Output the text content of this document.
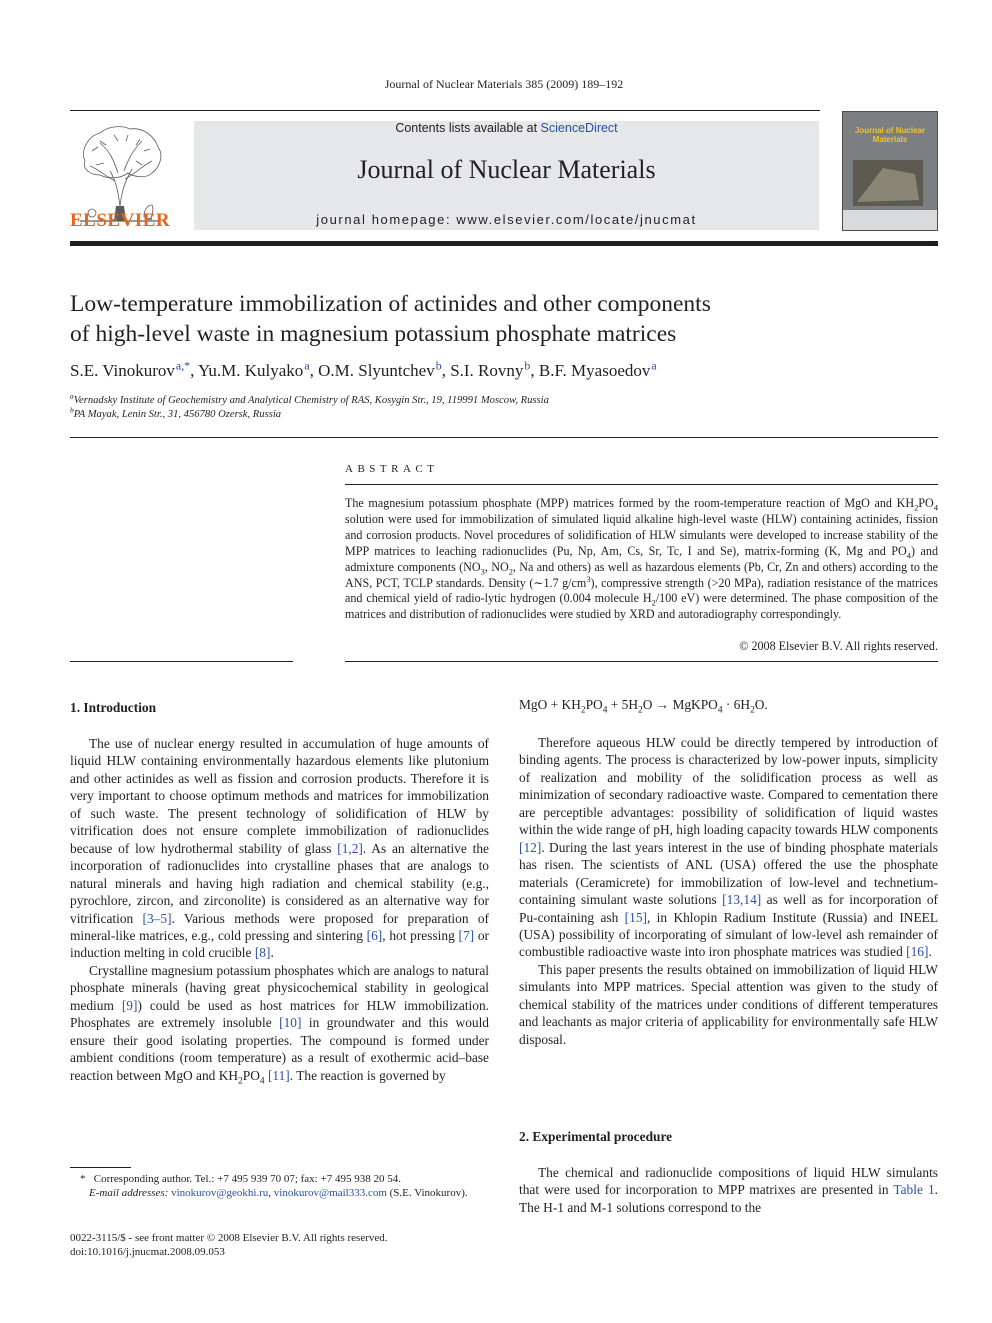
Journal of Nuclear Materials 385 (2009) 189–192
ELSEVIER
Contents lists available at ScienceDirect
Journal of Nuclear Materials
journal homepage: www.elsevier.com/locate/jnucmat
Journal of Nuclear Materials
Low-temperature immobilization of actinides and other components
of high-level waste in magnesium potassium phosphate matrices
S.E. Vinokurov $^{a,*}$, Yu.M. Kulyako $^a$, O.M. Slyuntchev $^b$, S.I. Rovny $^b$, B.F. Myasoedov $^a$
$^a$Vernadsky Institute of Geochemistry and Analytical Chemistry of RAS, Kosygin Str., 19, 119991 Moscow, Russia
$^b$PA Mayak, Lenin Str., 31, 456780 Ozersk, Russia
ABSTRACT
The magnesium potassium phosphate (MPP) matrices formed by the room-temperature reaction of MgO and $KH_2PO_4$ solution were used for immobilization of simulated liquid alkaline high-level waste (HLW) containing actinides, fission and corrosion products. Novel procedures of solidification of HLW simulants were developed to increase stability of the MPP matrices to leaching radionuclides (Pu, Np, Am, Cs, Sr, Tc, I and Se), matrix-forming (K, Mg and $PO_4$) and admixture components ($NO_3$, $NO_2$, Na and others) as well as hazardous elements (Pb, Cr, Zn and others) according to the ANS, PCT, TCLP standards. Density (∼1.7 $g/cm^3$), compressive strength (>20 MPa), radiation resistance of the matrices and chemical yield of radio-lytic hydrogen (0.004 molecule $H_2/100$ eV) were determined. The phase composition of the matrices and distribution of radionuclides were studied by XRD and autoradiography correspondingly.
© 2008 Elsevier B.V. All rights reserved.
1. Introduction

The use of nuclear energy resulted in accumulation of huge amounts of liquid HLW containing environmentally hazardous elements like plutonium and other actinides as well as fission and corrosion products. Therefore it is very important to choose optimum methods and matrices for immobilization of such waste. The present technology of solidification of HLW by vitrification does not ensure complete immobilization of radionuclides because of low hydrothermal stability of glass [1,2]. As an alternative the incorporation of radionuclides into crystalline phases that are analogs to natural minerals and having high radiation and chemical stability (e.g., pyrochlore, zircon, and zirconolite) is considered as an alternative way for vitrification [3–5]. Various methods were proposed for preparation of mineral-like matrices, e.g., cold pressing and sintering [6], hot pressing [7] or induction melting in cold crucible [8].

Crystalline magnesium potassium phosphates which are analogs to natural phosphate minerals (having great physicochemical stability in geological medium [9]) could be used as host matrices for HLW immobilization. Phosphates are extremely insoluble [10] in groundwater and this would ensure their good isolating properties. The compound is formed under ambient conditions (room temperature) as a result of exothermic acid–base reaction between MgO and $KH_2PO_4$ [11]. The reaction is governed by

MgO + $KH_2PO_4 + 5H_2O$ → MgKPO$_4$ · $6H_2O$.

Therefore aqueous HLW could be directly tempered by introduction of binding agents. The process is characterized by low-power inputs, simplicity of realization and mobility of the solidification process as well as minimization of secondary radioactive waste. Compared to cementation there are perceptible advantages: possibility of solidification of liquid wastes within the wide range of pH, high loading capacity towards HLW components [12]. During the last years interest in the use of binding phosphate materials has risen. The scientists of ANL (USA) offered the use the phosphate materials (Ceramicrete) for immobilization of low-level and technetium-containing simulant waste solutions [13,14] as well as for incorporation of Pu-containing ash [15], in Khlopin Radium Institute (Russia) and INEEL (USA) possibility of incorporating of simulant of low-level ash remainder of combustible radioactive waste into iron phosphate matrices was studied [16].

This paper presents the results obtained on immobilization of liquid HLW simulants into MPP matrices. Special attention was given to the study of chemical stability of the matrices under conditions of different temperatures and leachants as major criteria of applicability for environmentally safe HLW disposal.

2. Experimental procedure

The chemical and radionuclide compositions of liquid HLW simulants that were used for incorporation to MPP matrixes are presented in Table 1. The H-1 and M-1 solutions correspond to the

* Corresponding author. Tel.: +7 495 939 70 07; fax: +7 495 938 20 54.
E-mail addresses: vinokurov@geokhi.ru, vinokurov@mail333.com (S.E. Vinokurov).
0022-3115/$ - see front matter © 2008 Elsevier B.V. All rights reserved.
doi:10.1016/j.jnucmat.2008.09.053
